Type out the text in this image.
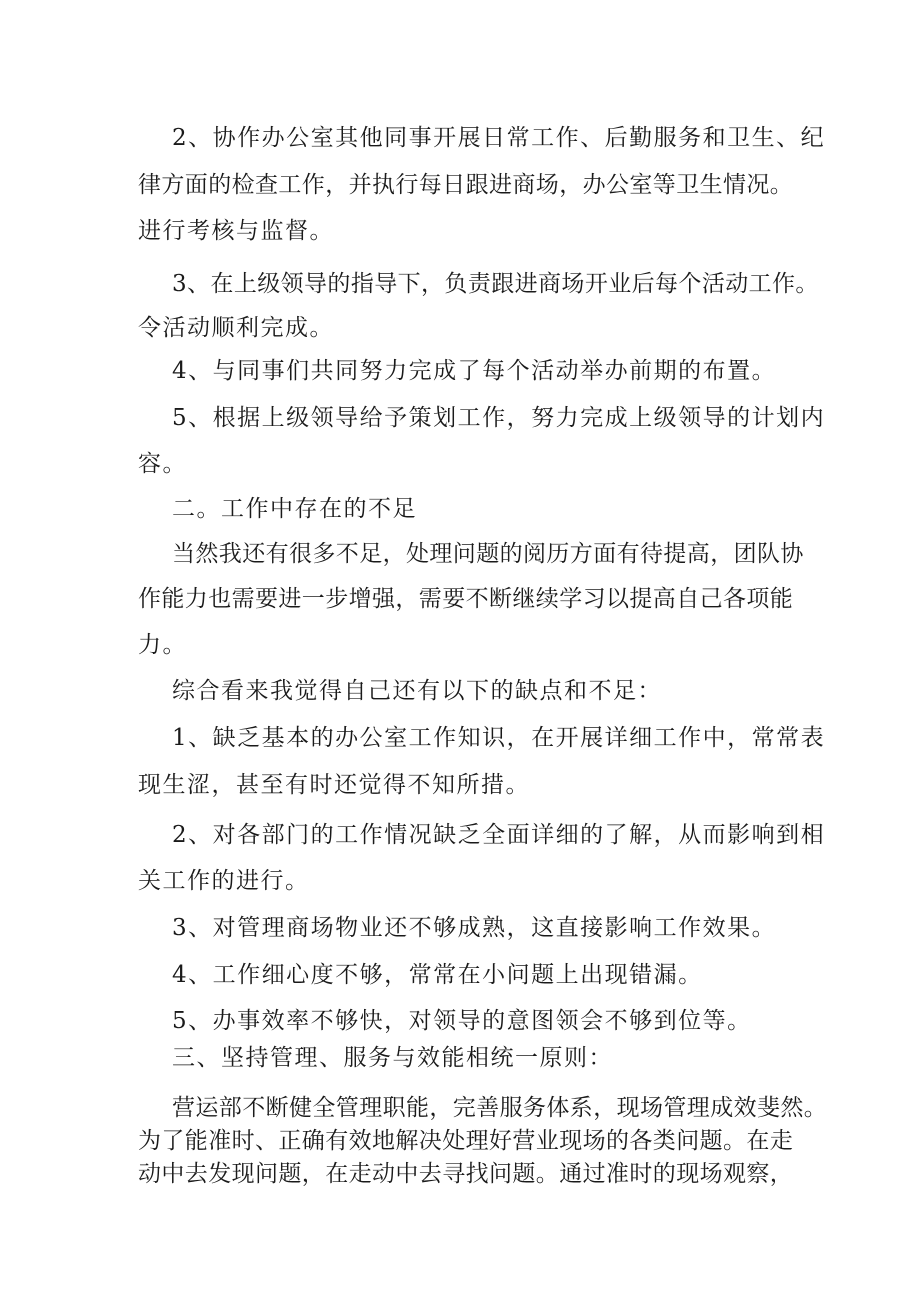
2、协作办公室其他同事开展日常工作、后勤服务和卫生、纪
律方面的检查工作，并执行每日跟进商场，办公室等卫生情况。
进行考核与监督。
3、在上级领导的指导下，负责跟进商场开业后每个活动工作。
令活动顺利完成。
4、与同事们共同努力完成了每个活动举办前期的布置。
5、根据上级领导给予策划工作，努力完成上级领导的计划内
容。
二。工作中存在的不足
当然我还有很多不足，处理问题的阅历方面有待提高，团队协
作能力也需要进一步增强，需要不断继续学习以提高自己各项能
力。
综合看来我觉得自己还有以下的缺点和不足：
1、缺乏基本的办公室工作知识，在开展详细工作中，常常表
现生涩，甚至有时还觉得不知所措。
2、对各部门的工作情况缺乏全面详细的了解，从而影响到相
关工作的进行。
3、对管理商场物业还不够成熟，这直接影响工作效果。
4、工作细心度不够，常常在小问题上出现错漏。
5、办事效率不够快，对领导的意图领会不够到位等。
三、坚持管理、服务与效能相统一原则：
营运部不断健全管理职能，完善服务体系，现场管理成效斐然。
为了能准时、正确有效地解决处理好营业现场的各类问题。在走
动中去发现问题，在走动中去寻找问题。通过准时的现场观察，
